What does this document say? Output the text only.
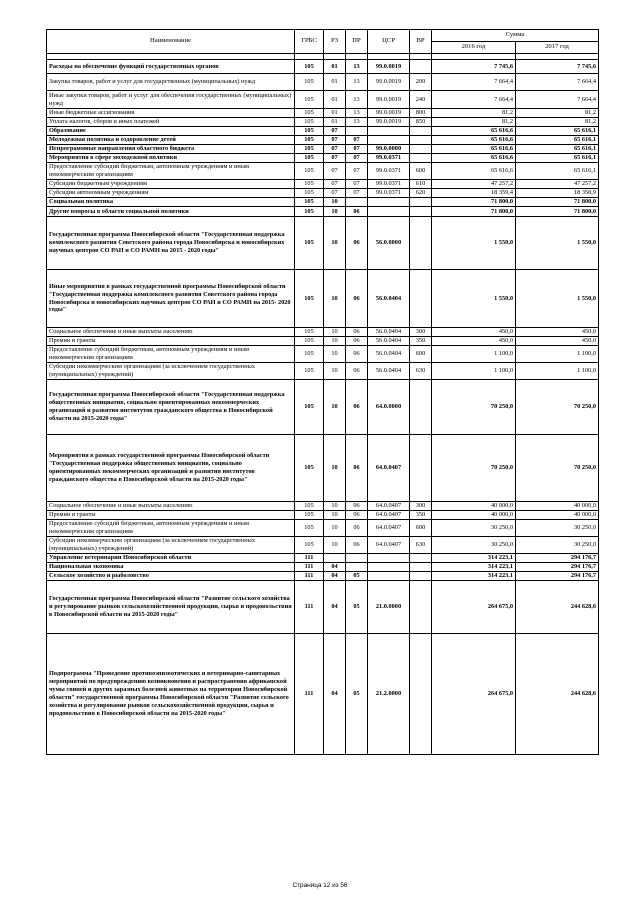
Наименование	ГРБС	РЗ	ПР	ЦСР	ВР	Сумма	
						2016 год	2017 год

Расходы на обеспечение функций государственных органов	105	01	13	99.0.0019		7 745,6	7 745,6
Закупка товаров, работ и услуг для государственных (муниципальных) нужд	105	01	13	99.0.0019	200	7 664,4	7 664,4
Иные закупки товаров, работ и услуг для обеспечения государственных (муниципальных) нужд	105	01	13	99.0.0019	240	7 664,4	7 664,4
Иные бюджетные ассигнования	105	01	13	99.0.0019	800	81,2	81,2
Уплата налогов, сборов и иных платежей	105	01	13	99.0.0019	850	81,2	81,2
Образование	105	07				65 616,6	65 616,1
Молодежная политика и оздоровление детей	105	07	07			65 616,6	65 616,1
Непрограммные направления областного бюджета	105	07	07	99.0.0000		65 616,6	65 616,1
Мероприятия в сфере молодежной политики	105	07	07	99.0.0371		65 616,6	65 616,1
Предоставление субсидий бюджетным, автономным учреждениям и иным некоммерческим организациям	105	07	07	99.0.0371	600	65 616,6	65 616,1
Субсидии бюджетным учреждениям	105	07	07	99.0.0371	610	47 257,2	47 257,2
Субсидии автономным учреждениям	105	07	07	99.0.0371	620	18 359,4	18 358,9
Социальная политика	105	10				71 800,0	71 800,0
Другие вопросы в области социальной политики	105	10	06			71 800,0	71 800,0
Государственная программа Новосибирской области "Государственная поддержка комплексного развития Советского района города Новосибирска и новосибирских научных центров СО РАН и СО РАМН на 2015 - 2020 годы"	105	10	06	56.0.0000		1 550,0	1 550,0
Иные мероприятия в рамках государственной программы Новосибирской области "Государственная поддержка комплексного развития Советского района города Новосибирска и новосибирских научных центров СО РАН и СО РАМН на 2015- 2020 годы"	105	10	06	56.0.0404		1 550,0	1 550,0
Социальное обеспечение и иные выплаты населению	105	10	06	56.0.0404	300	450,0	450,0
Премии и гранты	105	10	06	56.0.0404	350	450,0	450,0
Предоставление субсидий бюджетным, автономным учреждениям и иным некоммерческим организациям	105	10	06	56.0.0404	600	1 100,0	1 100,0
Субсидии некоммерческим организациям (за исключением государственных (муниципальных) учреждений)	105	10	06	56.0.0404	630	1 100,0	1 100,0
Государственная программа Новосибирской области "Государственная поддержка общественных инициатив, социально ориентированных некоммерческих организаций и развития институтов гражданского общества в Новосибирской области на 2015-2020 годы"	105	10	06	64.0.0000		70 250,0	70 250,0
Мероприятия в рамках государственной программы Новосибирской области "Государственная поддержка общественных инициатив, социально ориентированных некоммерческих организаций и развития институтов гражданского общества в Новосибирской области на 2015-2020 годы"	105	10	06	64.0.0407		70 250,0	70 250,0
Социальное обеспечение и иные выплаты населению	105	10	06	64.0.0407	300	40 000,0	40 000,0
Премии и гранты	105	10	06	64.0.0407	350	40 000,0	40 000,0
Предоставление субсидий бюджетным, автономным учреждениям и иным некоммерческим организациям	105	10	06	64.0.0407	600	30 250,0	30 250,0
Субсидии некоммерческим организациям (за исключением государственных (муниципальных) учреждений)	105	10	06	64.0.0407	630	30 250,0	30 250,0
Управление ветеринарии Новосибирской области	111					314 223,1	294 176,7
Национальная экономика	111	04				314 223,1	294 176,7
Сельское хозяйство и рыболовство	111	04	05			314 223,1	294 176,7
Государственная программа Новосибирской области "Развитие сельского хозяйства и регулирование рынков сельскохозяйственной продукции, сырья и продовольствия в Новосибирской области на 2015-2020 годы"	111	04	05	21.0.0000		264 675,0	244 628,6
Подпрограмма "Проведение противоэпизоотических и ветеринарно-санитарных мероприятий по предупреждению возникновения и распространения африканской чумы свиней и других заразных болезней животных на территории Новосибирской области" государственной программы Новосибирской области "Развитие сельского хозяйства и регулирование рынков сельскохозяйственной продукции, сырья и продовольствия в Новосибирской области на 2015-2020 годы"	111	04	05	21.2.0000		264 675,0	244 628,6
Страница 12 из 56
